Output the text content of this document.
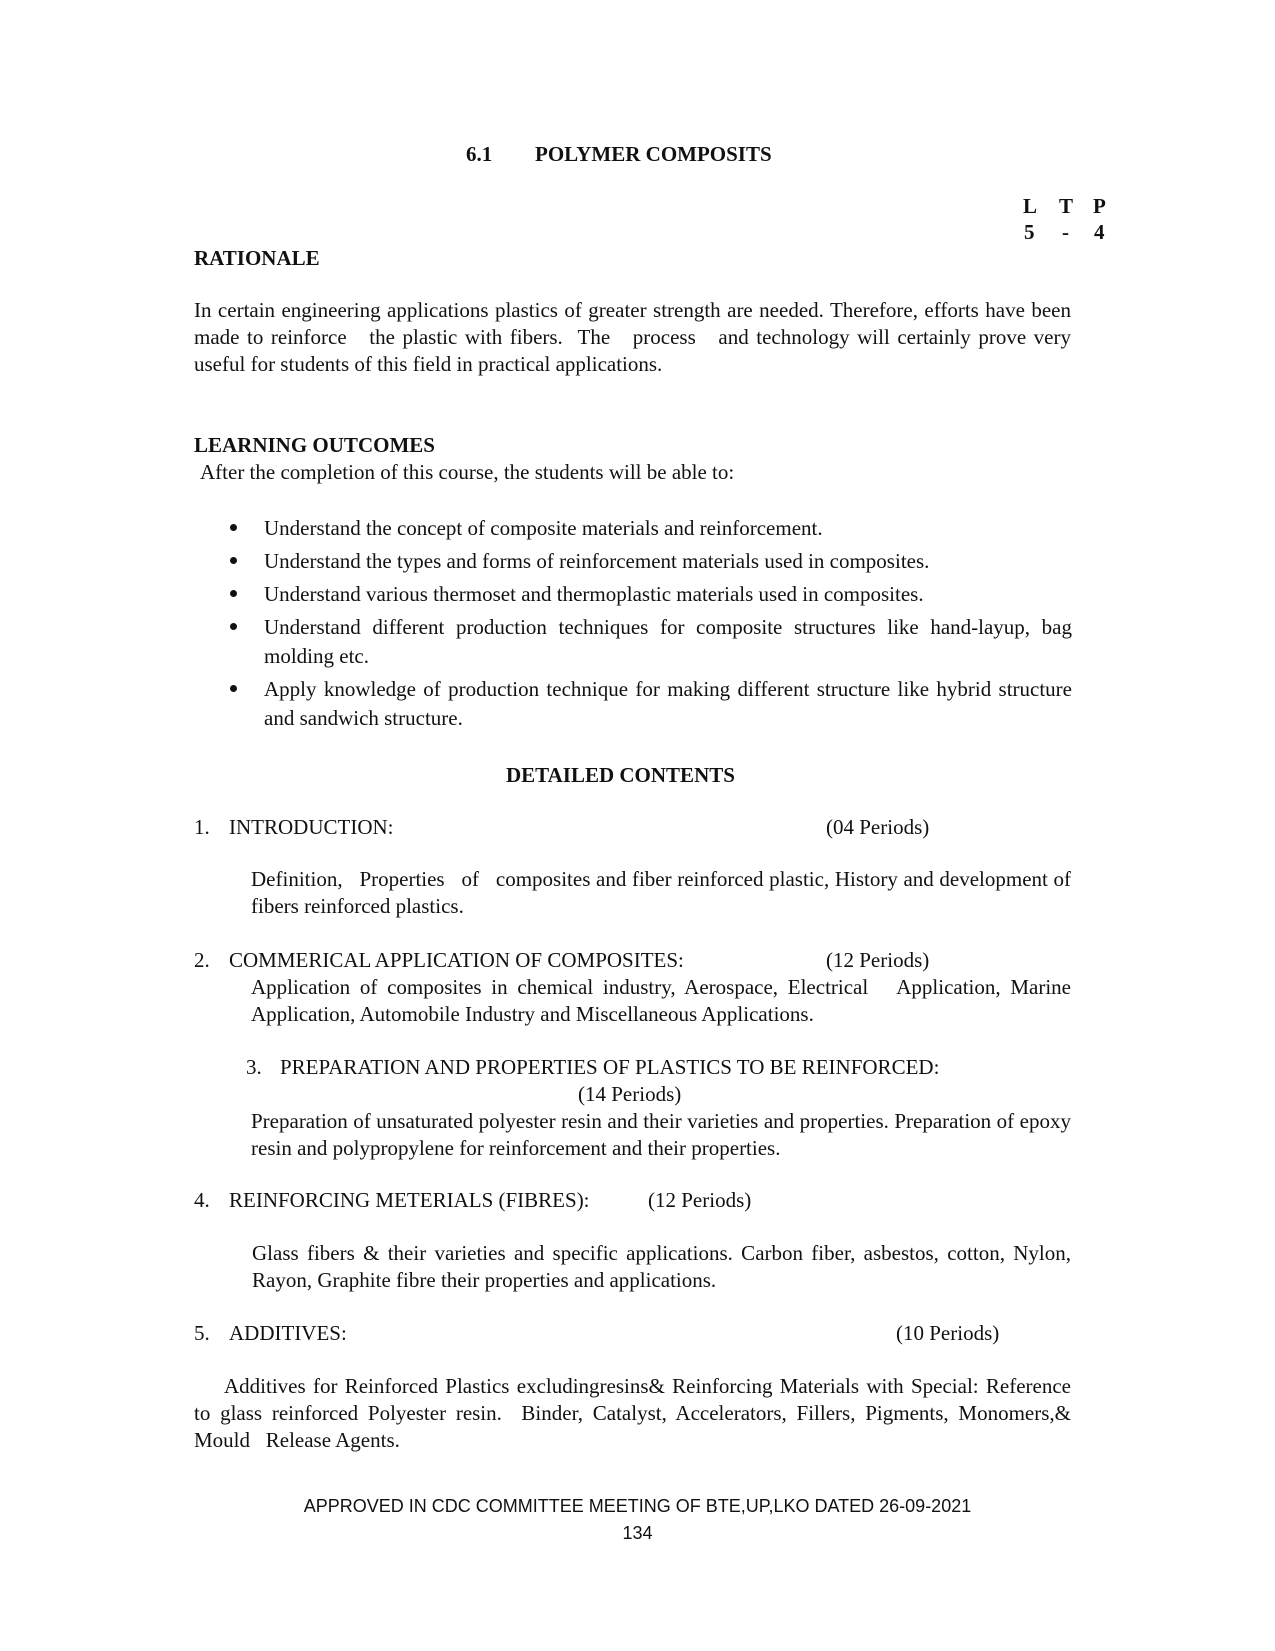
6.1 POLYMER COMPOSITS
L T P
5 - 4
RATIONALE
In certain engineering applications plastics of greater strength are needed. Therefore, efforts have been made to reinforce   the plastic with fibers.  The   process   and technology will certainly prove very useful for students of this field in practical applications.
LEARNING OUTCOMES
After the completion of this course, the students will be able to:
Understand the concept of composite materials and reinforcement.
Understand the types and forms of reinforcement materials used in composites.
Understand various thermoset and thermoplastic materials used in composites.
Understand different production techniques for composite structures like hand-layup, bag molding etc.
Apply knowledge of production technique for making different structure like hybrid structure and sandwich structure.
DETAILED CONTENTS
1. INTRODUCTION:	(04 Periods)
Definition,   Properties   of   composites and fiber reinforced plastic, History and development of fibers reinforced plastics.
2. COMMERICAL APPLICATION OF COMPOSITES:	(12 Periods)
Application of composites in chemical industry, Aerospace, Electrical   Application, Marine Application, Automobile Industry and Miscellaneous Applications.
3. PREPARATION AND PROPERTIES OF PLASTICS TO BE REINFORCED:
(14 Periods)
Preparation of unsaturated polyester resin and their varieties and properties. Preparation of epoxy resin and polypropylene for reinforcement and their properties.
4. REINFORCING METERIALS (FIBRES):	(12 Periods)
Glass fibers & their varieties and specific applications. Carbon fiber, asbestos, cotton, Nylon, Rayon, Graphite fibre their properties and applications.
5. ADDITIVES:	(10 Periods)
Additives for Reinforced Plastics excludingresins& Reinforcing Materials with Special: Reference to glass reinforced Polyester resin.  Binder, Catalyst, Accelerators, Fillers, Pigments, Monomers,&  Mould   Release Agents.
APPROVED IN CDC COMMITTEE MEETING OF BTE,UP,LKO DATED 26-09-2021
134
